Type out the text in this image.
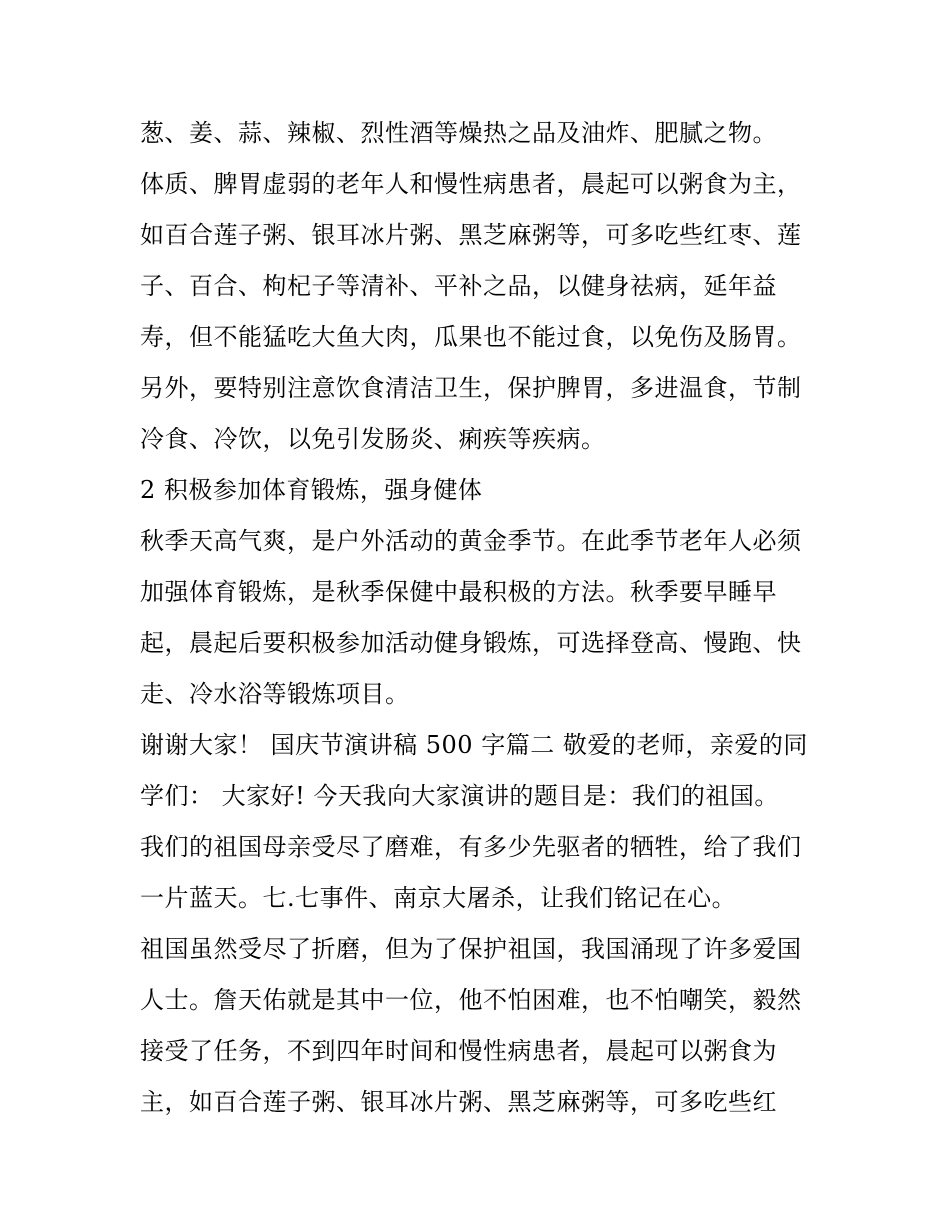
葱、姜、蒜、辣椒、烈性酒等燥热之品及油炸、肥腻之物。
体质、脾胃虚弱的老年人和慢性病患者，晨起可以粥食为主，
如百合莲子粥、银耳冰片粥、黑芝麻粥等，可多吃些红枣、莲
子、百合、枸杞子等清补、平补之品，以健身祛病，延年益
寿，但不能猛吃大鱼大肉，瓜果也不能过食，以免伤及肠胃。
另外，要特别注意饮食清洁卫生，保护脾胃，多进温食，节制
冷食、冷饮，以免引发肠炎、痢疾等疾病。
2 积极参加体育锻炼，强身健体
秋季天高气爽，是户外活动的黄金季节。在此季节老年人必须
加强体育锻炼，是秋季保健中最积极的方法。秋季要早睡早
起，晨起后要积极参加活动健身锻炼，可选择登高、慢跑、快
走、冷水浴等锻炼项目。
谢谢大家！ 国庆节演讲稿 500 字篇二 敬爱的老师，亲爱的同
学们： 大家好! 今天我向大家演讲的题目是：我们的祖国。
我们的祖国母亲受尽了磨难，有多少先驱者的牺牲，给了我们
一片蓝天。七.七事件、南京大屠杀，让我们铭记在心。
祖国虽然受尽了折磨，但为了保护祖国，我国涌现了许多爱国
人士。詹天佑就是其中一位，他不怕困难，也不怕嘲笑，毅然
接受了任务，不到四年时间和慢性病患者，晨起可以粥食为
主，如百合莲子粥、银耳冰片粥、黑芝麻粥等，可多吃些红
